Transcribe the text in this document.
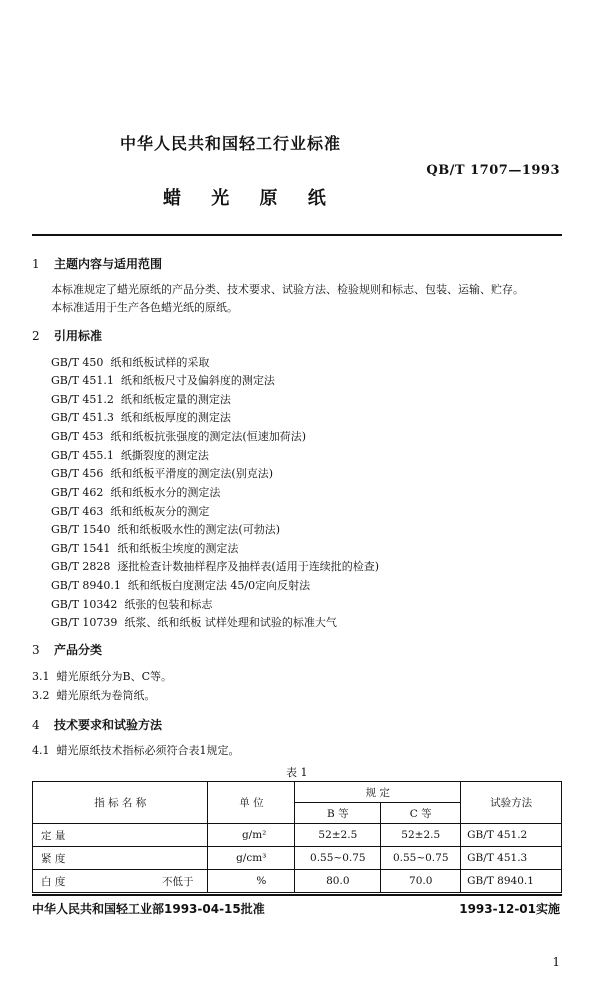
中华人民共和国轻工行业标准
QB/T 1707—1993
蜡 光 原 纸
1 主题内容与适用范围
本标准规定了蜡光原纸的产品分类、技术要求、试验方法、检验规则和标志、包装、运输、贮存。
本标准适用于生产各色蜡光纸的原纸。
2 引用标准
GB/T 450 纸和纸板试样的采取
GB/T 451.1 纸和纸板尺寸及偏斜度的测定法
GB/T 451.2 纸和纸板定量的测定法
GB/T 451.3 纸和纸板厚度的测定法
GB/T 453 纸和纸板抗张强度的测定法(恒速加荷法)
GB/T 455.1 纸撕裂度的测定法
GB/T 456 纸和纸板平滑度的测定法(别克法)
GB/T 462 纸和纸板水分的测定法
GB/T 463 纸和纸板灰分的测定
GB/T 1540 纸和纸板吸水性的测定法(可勃法)
GB/T 1541 纸和纸板尘埃度的测定法
GB/T 2828 逐批检查计数抽样程序及抽样表(适用于连续批的检查)
GB/T 8940.1 纸和纸板白度测定法 45/0定向反射法
GB/T 10342 纸张的包装和标志
GB/T 10739 纸浆、纸和纸板 试样处理和试验的标准大气
3 产品分类
3.1 蜡光原纸分为B、C等。
3.2 蜡光原纸为卷筒纸。
4 技术要求和试验方法
4.1 蜡光原纸技术指标必须符合表1规定。
表 1
指 标 名 称	单 位	规 定		试验方法
		B 等	C 等	
定 量	g/m²	52±2.5	52±2.5	GB/T 451.2
紧 度	g/cm³	0.55~0.75	0.55~0.75	GB/T 451.3
白 度 不低于	%	80.0	70.0	GB/T 8940.1
中华人民共和国轻工业部1993-04-15批准	1993-12-01实施
1
